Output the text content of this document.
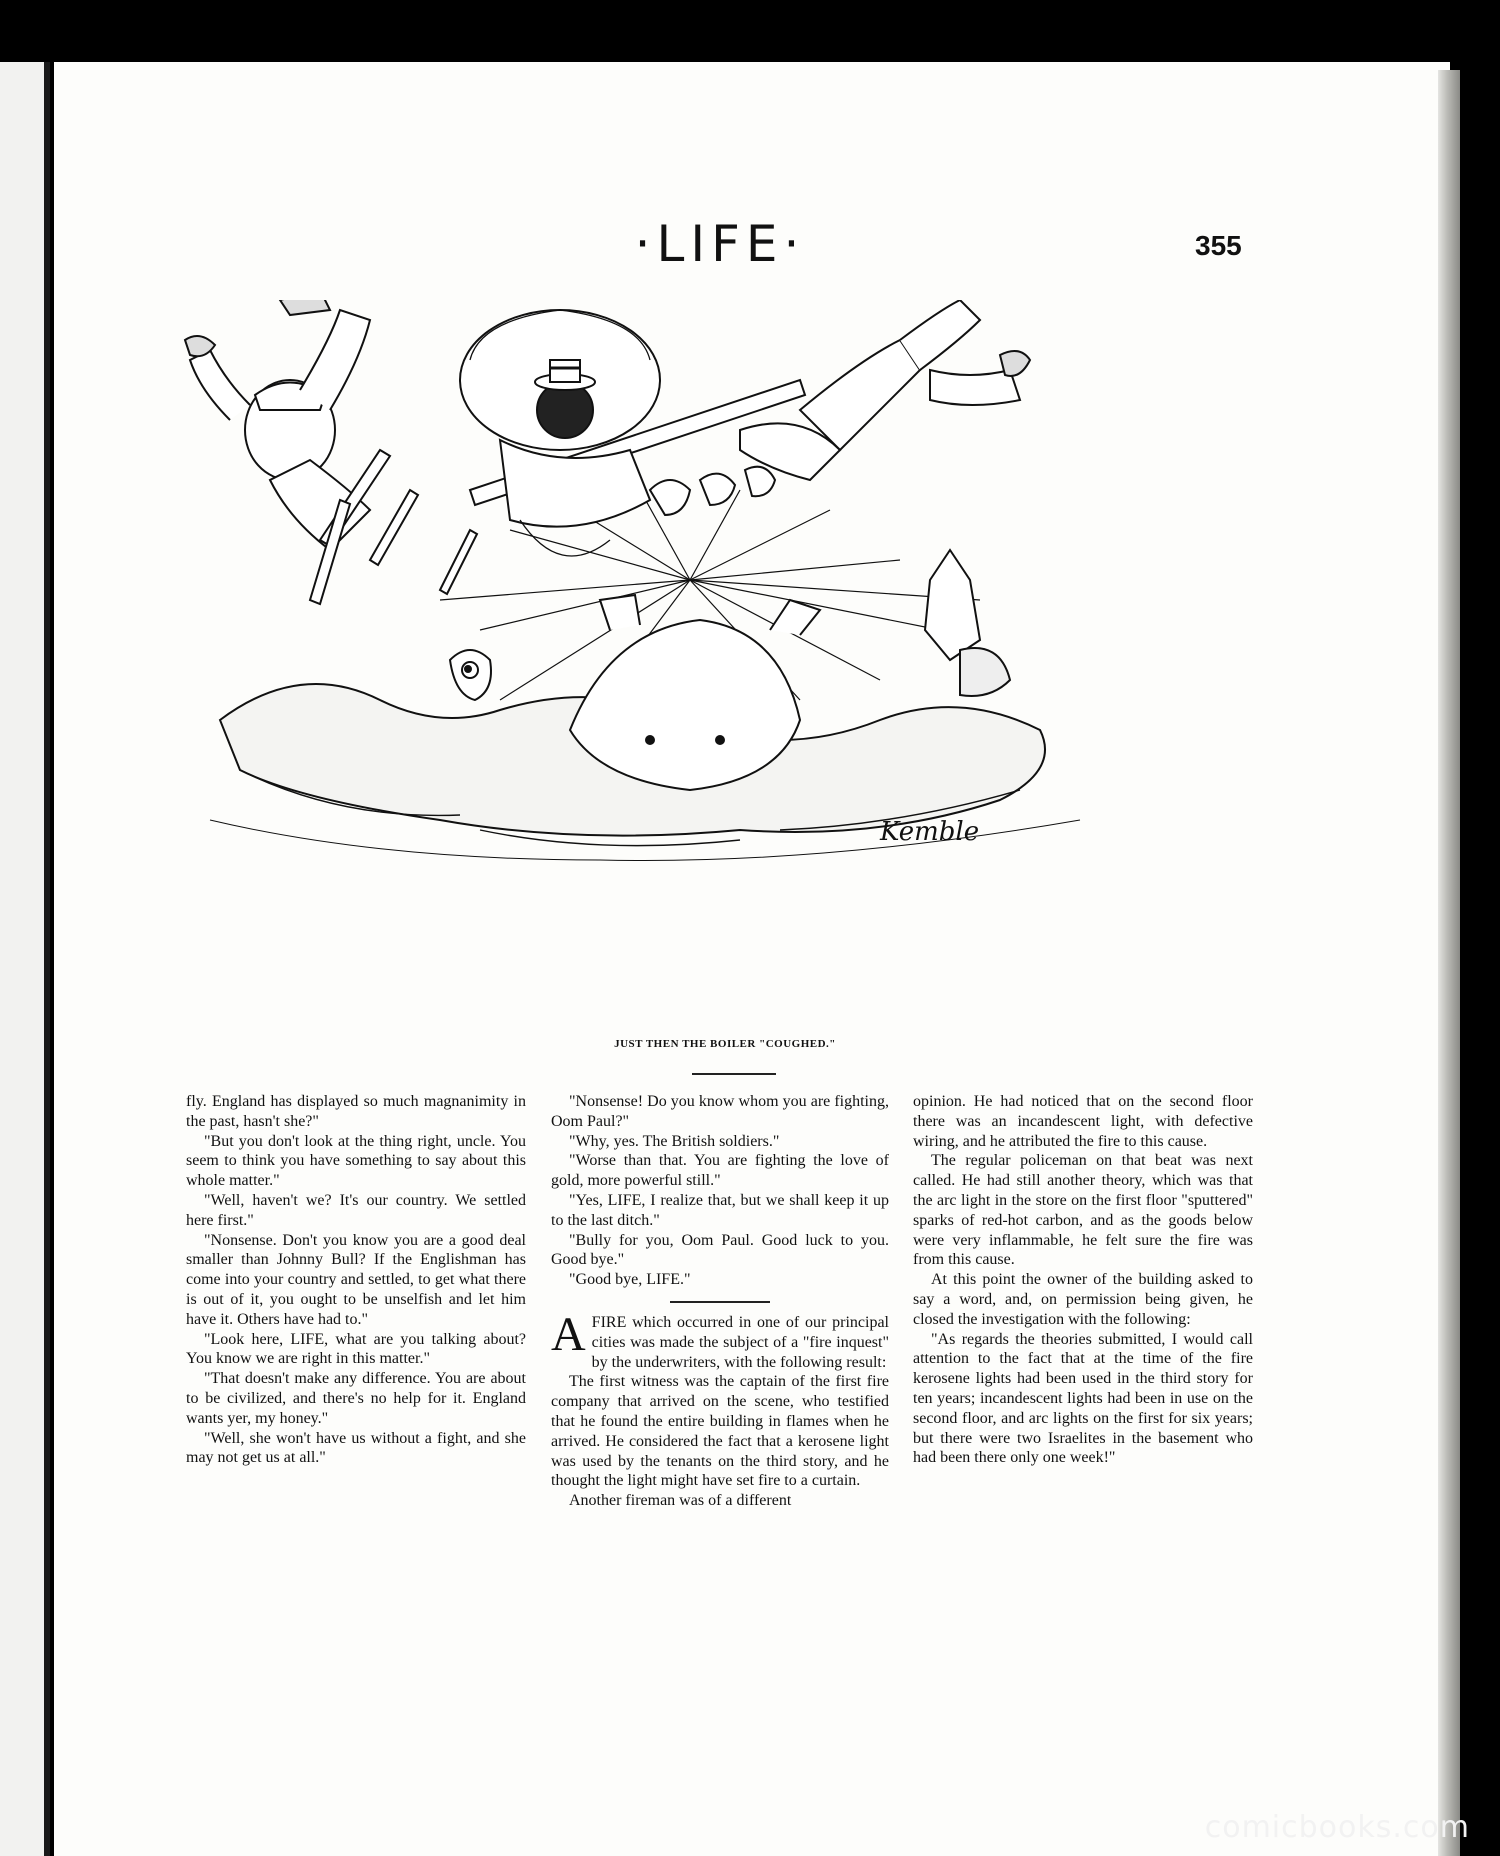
·LIFE·	355
Kemble
JUST THEN THE BOILER "COUGHED."

fly. England has displayed so much magnanimity in the past, hasn't she?"

"But you don't look at the thing right, uncle. You seem to think you have something to say about this whole matter."

"Well, haven't we? It's our country. We settled here first."

"Nonsense. Don't you know you are a good deal smaller than Johnny Bull? If the Englishman has come into your country and settled, to get what there is out of it, you ought to be unselfish and let him have it. Others have had to."

"Look here, LIFE, what are you talking about? You know we are right in this matter."

"That doesn't make any difference. You are about to be civilized, and there's no help for it. England wants yer, my honey."

"Well, she won't have us without a fight, and she may not get us at all."

"Nonsense! Do you know whom you are fighting, Oom Paul?"

"Why, yes. The British soldiers."

"Worse than that. You are fighting the love of gold, more powerful still."

"Yes, LIFE, I realize that, but we shall keep it up to the last ditch."

"Bully for you, Oom Paul. Good luck to you. Good bye."

"Good bye, LIFE."

AFIRE which occurred in one of our principal cities was made the subject of a "fire inquest" by the underwriters, with the following result:

The first witness was the captain of the first fire company that arrived on the scene, who testified that he found the entire building in flames when he arrived. He considered the fact that a kerosene light was used by the tenants on the third story, and he thought the light might have set fire to a curtain.

Another fireman was of a different

opinion. He had noticed that on the second floor there was an incandescent light, with defective wiring, and he attributed the fire to this cause.

The regular policeman on that beat was next called. He had still another theory, which was that the arc light in the store on the first floor "sputtered" sparks of red-hot carbon, and as the goods below were very inflammable, he felt sure the fire was from this cause.

At this point the owner of the building asked to say a word, and, on permission being given, he closed the investigation with the following:

"As regards the theories submitted, I would call attention to the fact that at the time of the fire kerosene lights had been used in the third story for ten years; incandescent lights had been in use on the second floor, and arc lights on the first for six years; but there were two Israelites in the basement who had been there only one week!"

comicbooks.com
